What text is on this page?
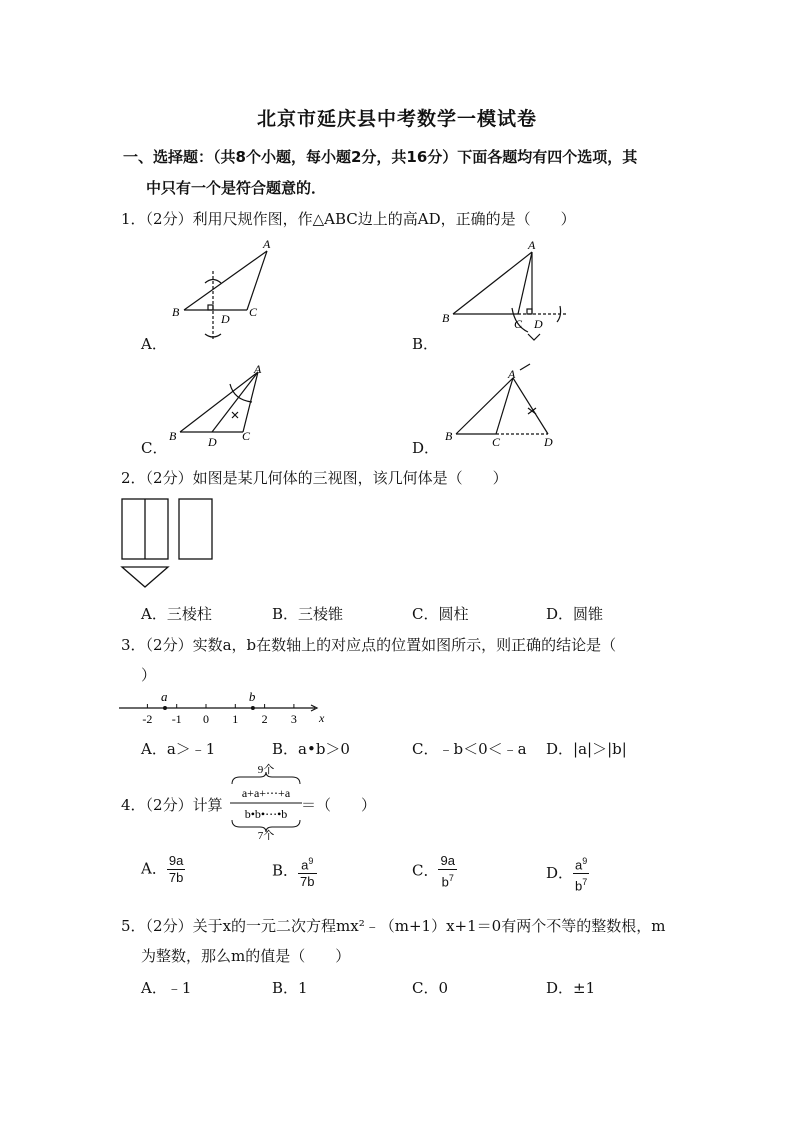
北京市延庆县中考数学一模试卷
一、选择题：（共8个小题，每小题2分，共16分）下面各题均有四个选项，其
中只有一个是符合题意的．
1．（2分）利用尺规作图，作△ABC边上的高AD，正确的是（　　）
B	C
D
A
A．
B	C D
A
B．
B	D C
A
C．
B	C	D
A
D．
2．（2分）如图是某几何体的三视图，该几何体是（　　）
A．三棱柱	B．三棱锥	C．圆柱	D．圆锥
3．（2分）实数a，b在数轴上的对应点的位置如图所示，则正确的结论是（
）
-2 -1 0 1 2 3 x
a	b
A．a＞﹣1	B．a•b＞0	C．﹣b＜0＜﹣a D．|a|＞|b|
4．（2分）计算
9个
a+a+⋯+a
b•b•⋯•b
7个
＝（　　）
A． $\frac{9a}{7b}$	B． $\frac{a^9}{7b}$	C． $\frac{9a}{b^7}$	D． $\frac{a^9}{b^7}$
5．（2分）关于x的一元二次方程mx²﹣（m+1）x+1＝0有两个不等的整数根，m
为整数，那么m的值是（　　）
A．﹣1	B．1	C．0	D．±1
